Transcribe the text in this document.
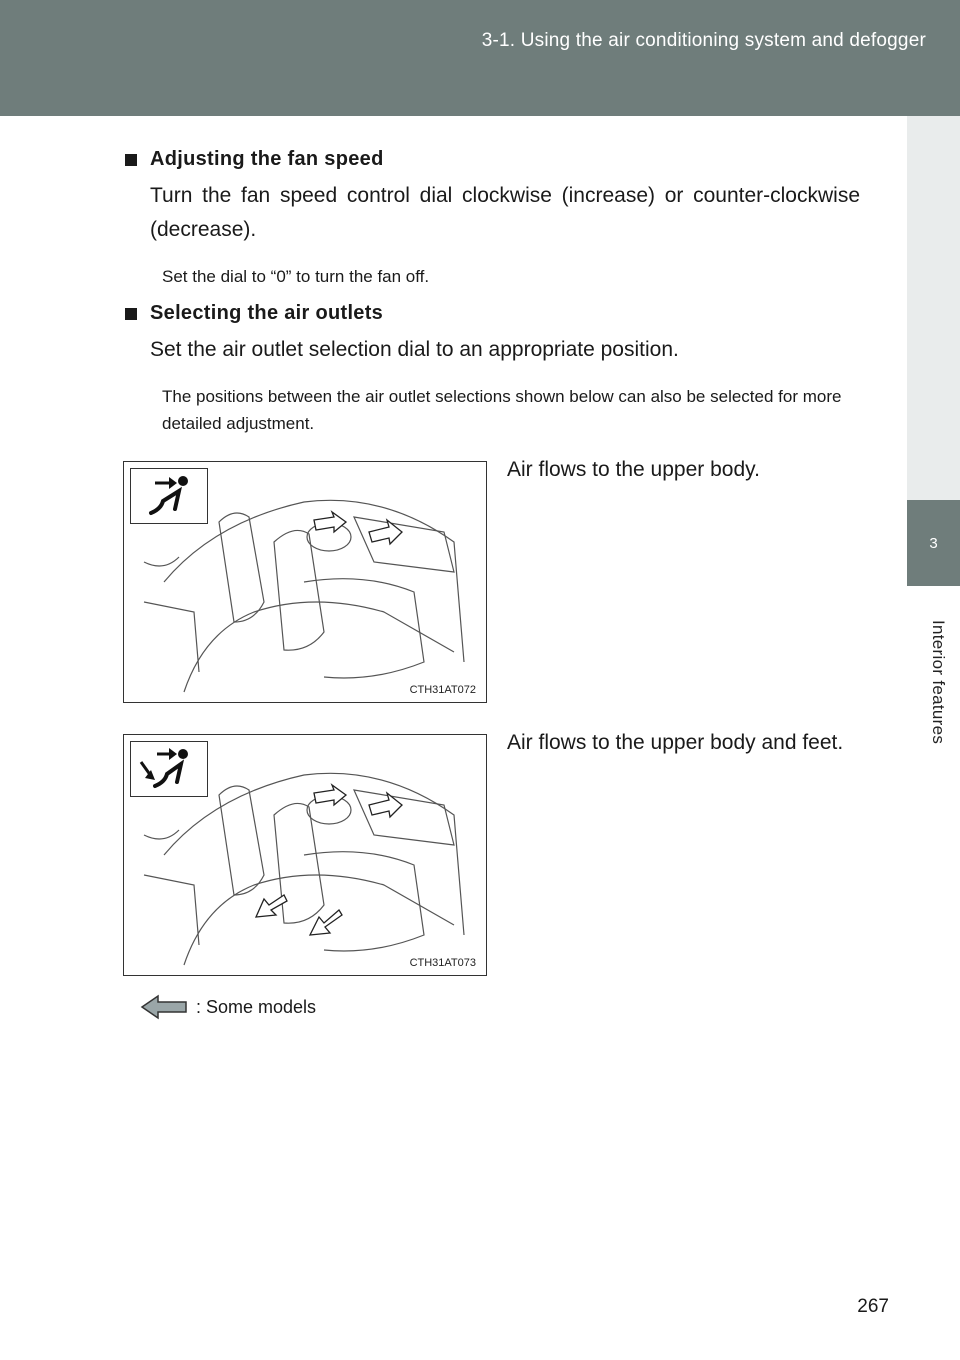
3-1. Using the air conditioning system and defogger
3
Interior features
Adjusting the fan speed
Turn the fan speed control dial clockwise (increase) or counter-clockwise (decrease).
Set the dial to “0” to turn the fan off.
Selecting the air outlets
Set the air outlet selection dial to an appropriate position.
The positions between the air outlet selections shown below can also be selected for more detailed adjustment.
CTH31AT072
Air flows to the upper body.
CTH31AT073
Air flows to the upper body and feet.
: Some models
267
